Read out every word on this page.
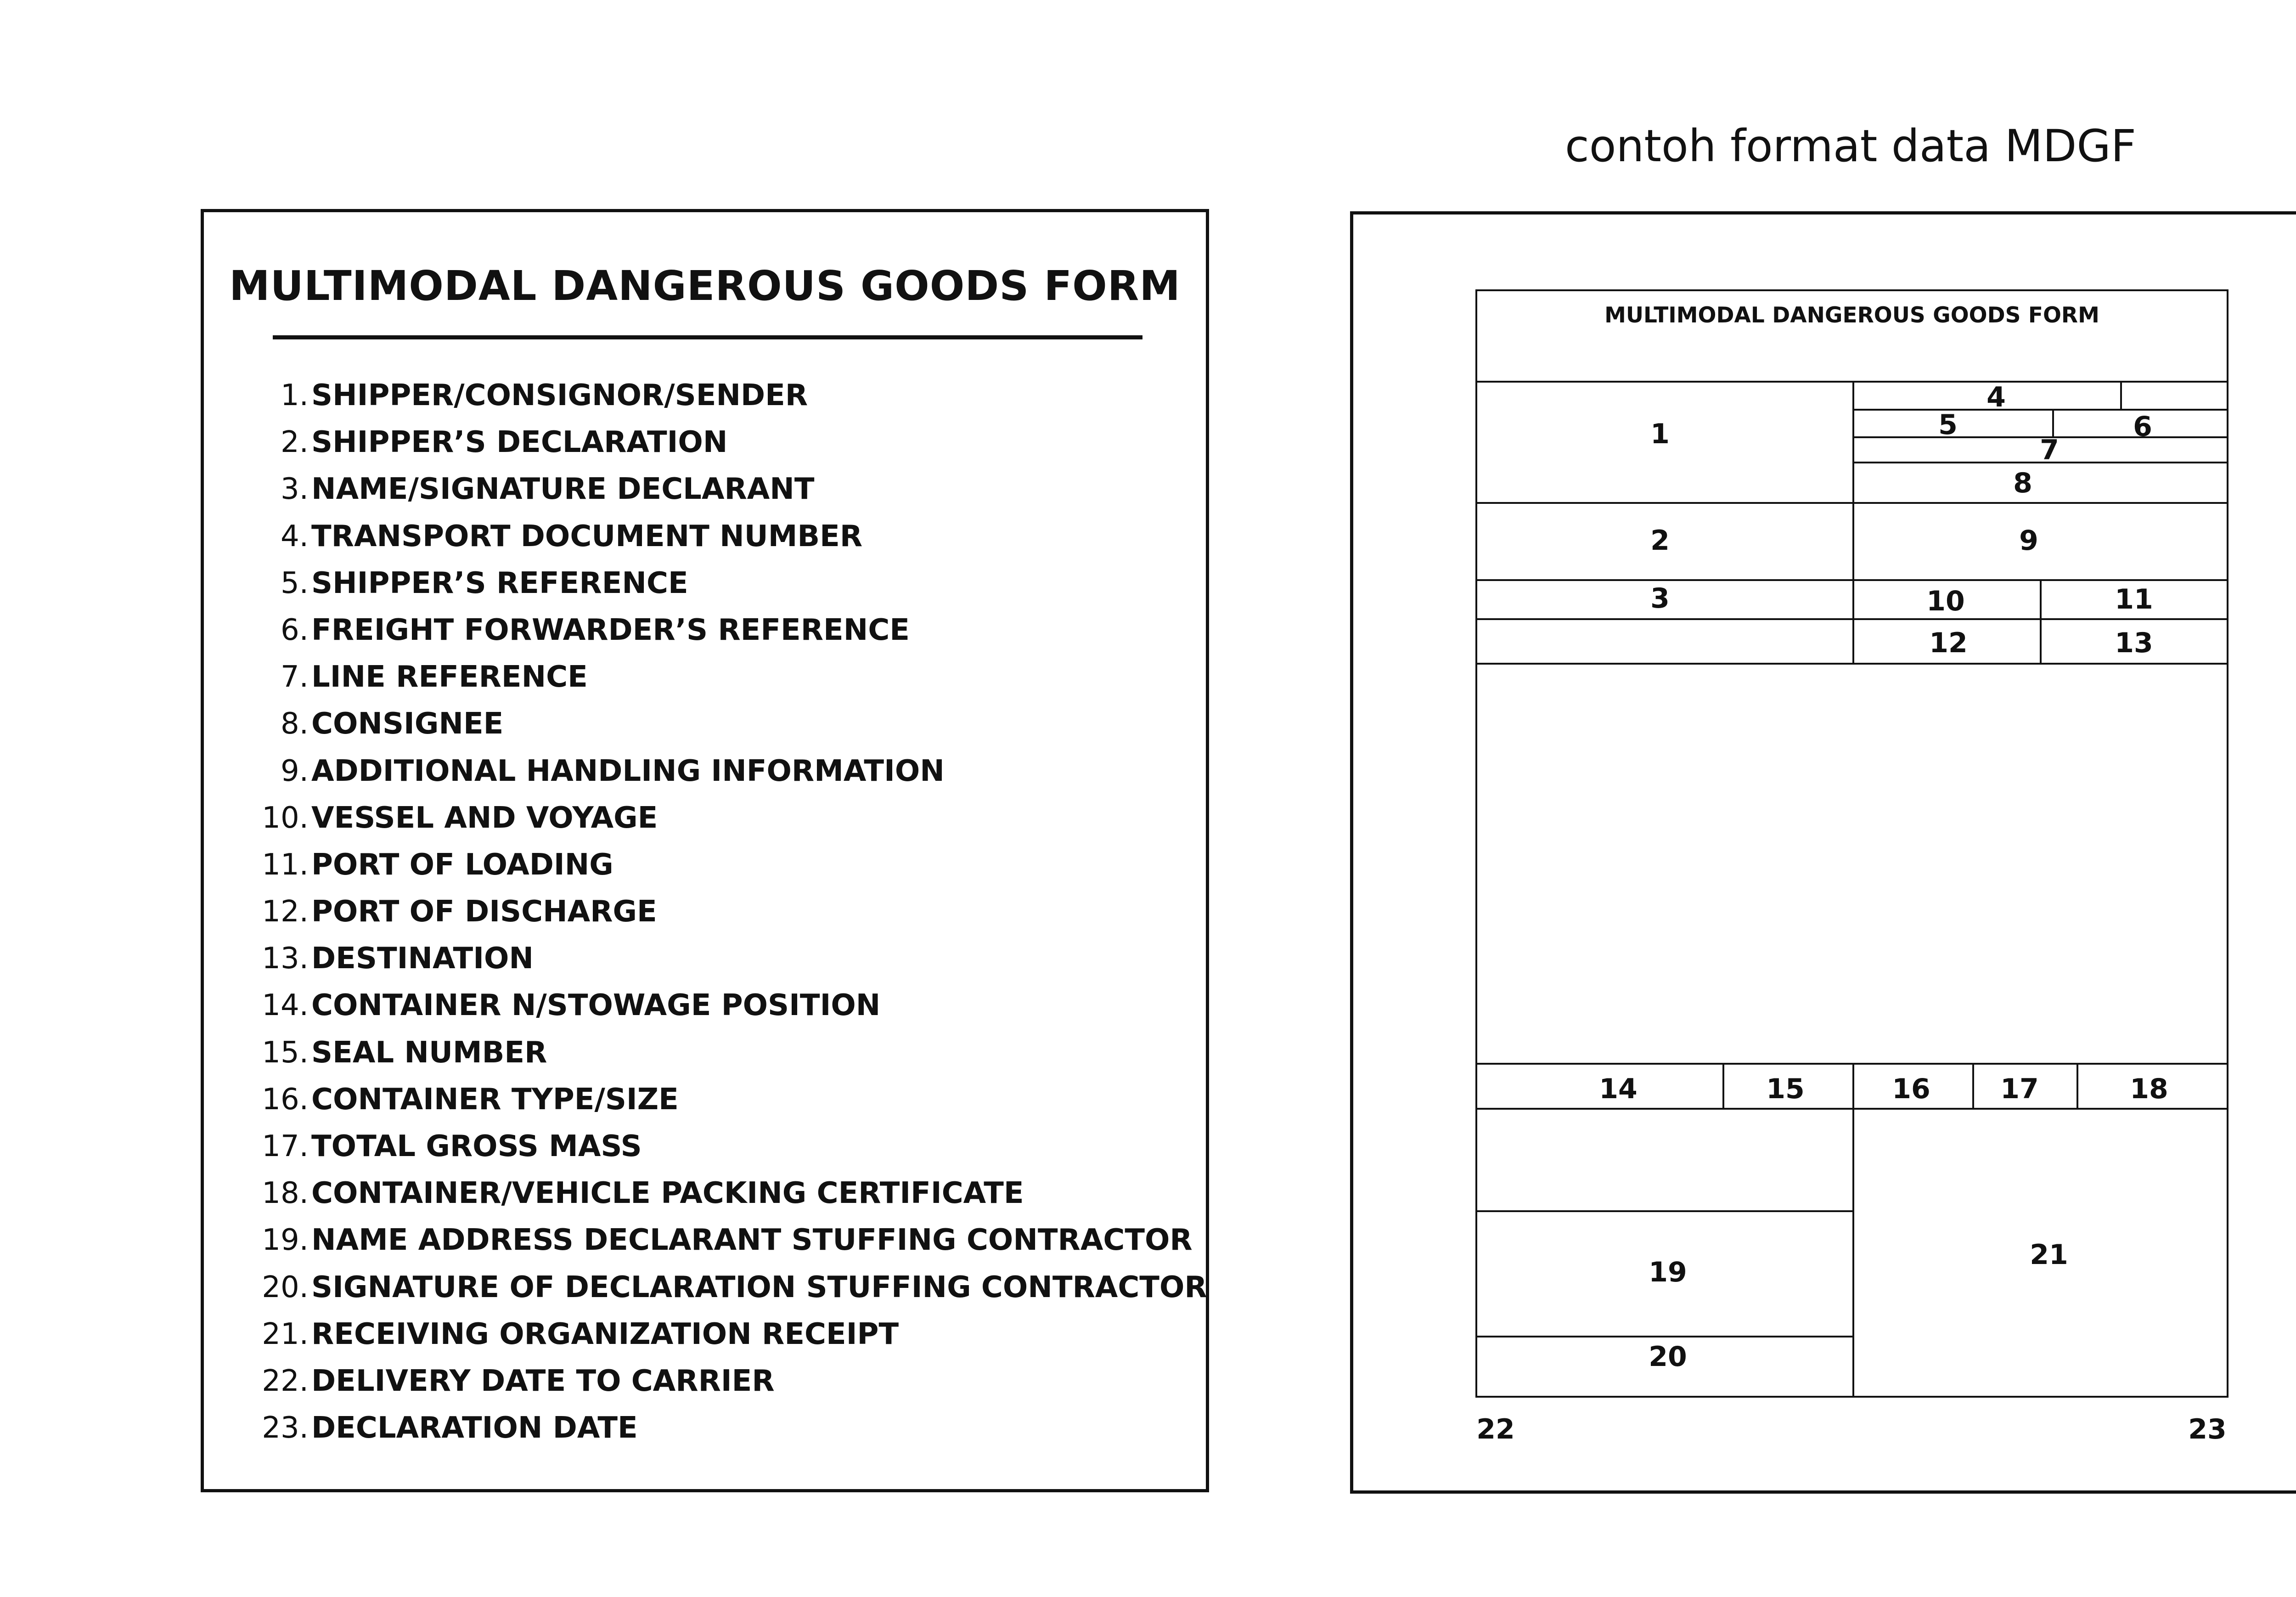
MULTIMODAL DANGEROUS GOODS FORM
1.SHIPPER/CONSIGNOR/SENDER
2.SHIPPER’S DECLARATION
3.NAME/SIGNATURE DECLARANT
4.TRANSPORT DOCUMENT NUMBER
5.SHIPPER’S REFERENCE
6.FREIGHT FORWARDER’S REFERENCE
7.LINE REFERENCE
8.CONSIGNEE
9.ADDITIONAL HANDLING INFORMATION
10.VESSEL AND VOYAGE
11.PORT OF LOADING
12.PORT OF DISCHARGE
13.DESTINATION
14.CONTAINER N/STOWAGE POSITION
15.SEAL NUMBER
16.CONTAINER TYPE/SIZE
17.TOTAL GROSS MASS
18.CONTAINER/VEHICLE PACKING CERTIFICATE
19.NAME ADDRESS DECLARANT STUFFING CONTRACTOR
20.SIGNATURE OF DECLARATION STUFFING CONTRACTOR
21.RECEIVING ORGANIZATION RECEIPT
22.DELIVERY DATE TO CARRIER
23.DECLARATION DATE
contoh format data MDGF
MULTIMODAL DANGEROUS GOODS FORM
1
4
5	6
7
8
2	9
3	10	11
12	13
14	15	16	17	18
19
21
20
22	23
